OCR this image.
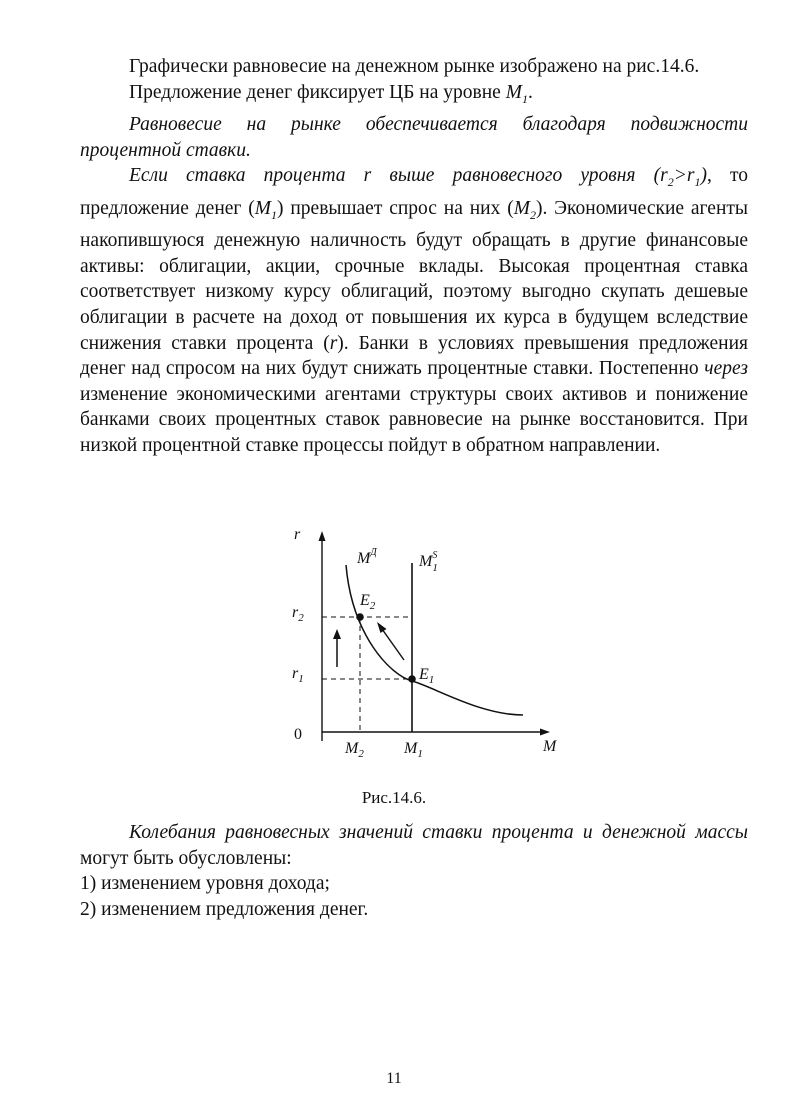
Графически равновесие на денежном рынке изображено на рис.14.6.

Предложение денег фиксирует ЦБ на уровне $M_1$.

Равновесие на рынке обеспечивается благодаря подвижности процентной ставки.

Если ставка процента r выше равновесного уровня $(r_2>r_1)$, то предложение денег $(M_1)$ превышает спрос на них $(M_2)$. Экономические агенты накопившуюся денежную наличность будут обращать в другие финансовые активы: облигации, акции, срочные вклады. Высокая процентная ставка соответствует низкому курсу облигаций, поэтому выгодно скупать дешевые облигации в расчете на доход от повышения их курса в будущем вследствие снижения ставки процента (r). Банки в условиях превышения предложения денег над спросом на них будут снижать процентные ставки. Постепенно через изменение экономическими агентами структуры своих активов и понижение банками своих процентных ставок равновесие на рынке восстановится. При низкой процентной ставке процессы пойдут в обратном направлении.

r
M
0
$r_2$
$r_1$
$M_2$	$M_1$
$M^Д$
$M^S$ 1
$E_2$
$E_1$
Рис.14.6.

Колебания равновесных значений ставки процента и денежной массы могут быть обусловлены:

1) изменением уровня дохода;

2) изменением предложения денег.

11
